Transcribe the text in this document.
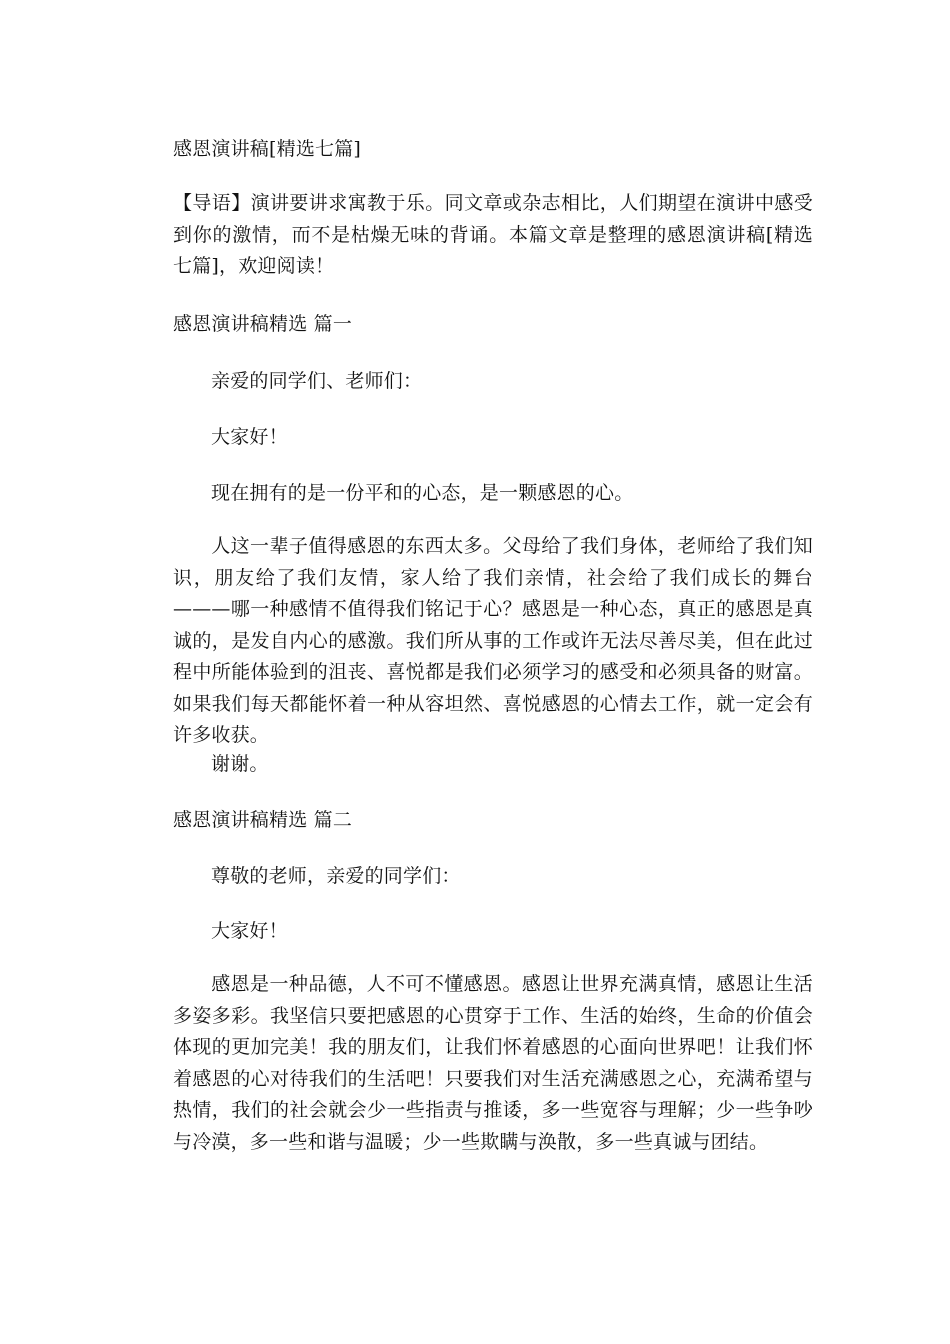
感恩演讲稿[精选七篇]
【导语】演讲要讲求寓教于乐。同文章或杂志相比，人们期望在演讲中感受到你的激情，而不是枯燥无味的背诵。本篇文章是整理的感恩演讲稿[精选七篇]，欢迎阅读！
感恩演讲稿精选 篇一
亲爱的同学们、老师们：
大家好！
现在拥有的是一份平和的心态，是一颗感恩的心。
人这一辈子值得感恩的东西太多。父母给了我们身体，老师给了我们知识，朋友给了我们友情，家人给了我们亲情，社会给了我们成长的舞台———哪一种感情不值得我们铭记于心？感恩是一种心态，真正的感恩是真诚的，是发自内心的感激。我们所从事的工作或许无法尽善尽美，但在此过程中所能体验到的沮丧、喜悦都是我们必须学习的感受和必须具备的财富。如果我们每天都能怀着一种从容坦然、喜悦感恩的心情去工作，就一定会有许多收获。
谢谢。
感恩演讲稿精选 篇二
尊敬的老师，亲爱的同学们：
大家好！
感恩是一种品德，人不可不懂感恩。感恩让世界充满真情，感恩让生活多姿多彩。我坚信只要把感恩的心贯穿于工作、生活的始终，生命的价值会体现的更加完美！我的朋友们，让我们怀着感恩的心面向世界吧！让我们怀着感恩的心对待我们的生活吧！只要我们对生活充满感恩之心，充满希望与热情，我们的社会就会少一些指责与推诿，多一些宽容与理解；少一些争吵与冷漠，多一些和谐与温暖；少一些欺瞒与涣散，多一些真诚与团结。
